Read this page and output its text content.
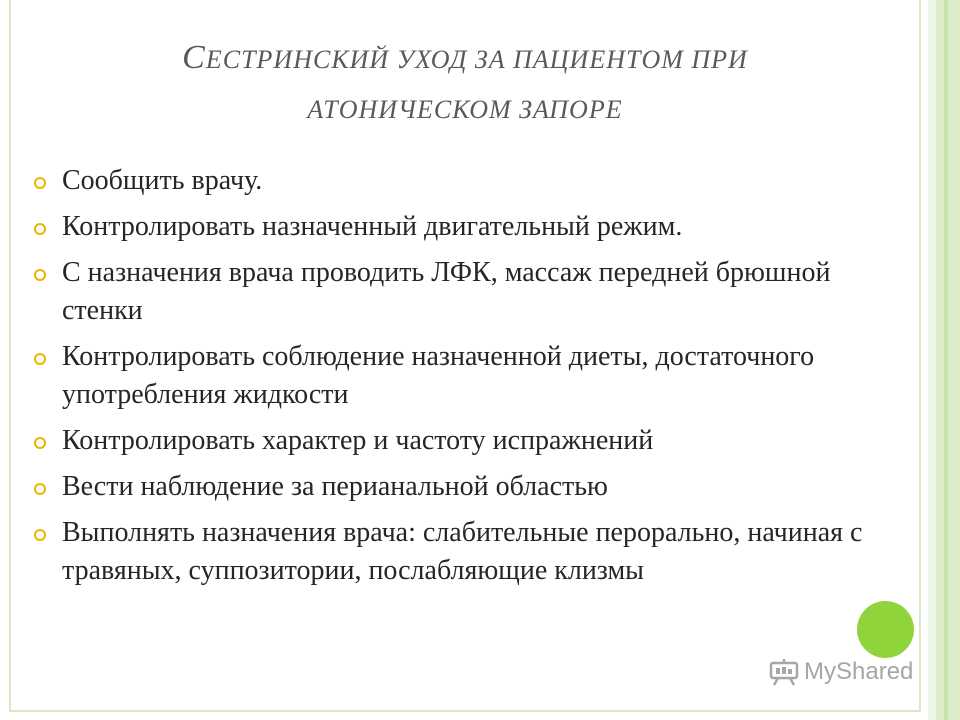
СЕСТРИНСКИЙ УХОД ЗА ПАЦИЕНТОМ ПРИ
АТОНИЧЕСКОМ ЗАПОРЕ
Сообщить врачу.
Контролировать назначенный двигательный режим.
С назначения врача проводить ЛФК, массаж передней брюшной стенки
Контролировать соблюдение назначенной диеты, достаточного употребления жидкости
Контролировать характер и частоту испражнений
Вести наблюдение за перианальной областью
Выполнять назначения врача: слабительные перорально, начиная с травяных, суппозитории, послабляющие клизмы
MyShared
